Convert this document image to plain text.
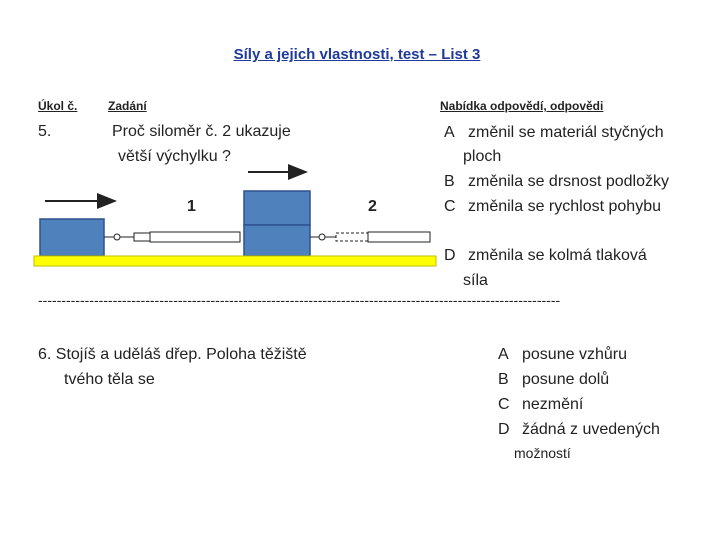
Síly a jejich vlastnosti, test – List 3
Úkol č.	Zadání	Nabídka odpovědí, odpovědi
5.	Proč siloměr č. 2 ukazuje
větší výchylku ?
A změnil se materiál styčných
ploch
B změnila se drsnost podložky
C změnila se rychlost pohybu
D změnila se kolmá tlaková
síla
1	2
----------------------------------------------------------------------------------------------------------------
6. Stojíš a uděláš dřep. Poloha těžiště
tvého těla se
A posune vzhůru
B posune dolů
C nezmění
D žádná z uvedených
možností
